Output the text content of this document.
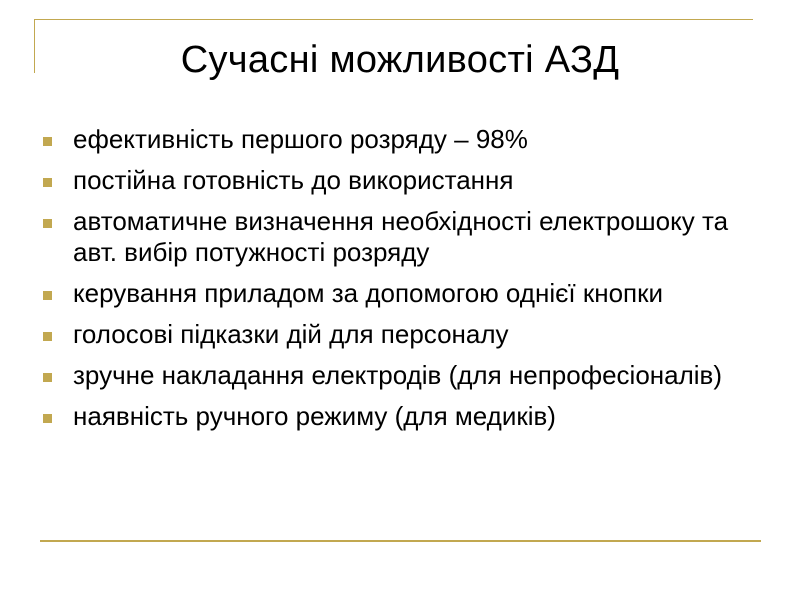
Сучасні можливості АЗД
ефективність першого розряду – 98%
постійна готовність до використання
автоматичне визначення необхідності електрошоку та авт. вибір потужності розряду
керування приладом за допомогою однієї кнопки
голосові підказки дій для персоналу
зручне накладання електродів (для непрофесіоналів)
наявність ручного режиму (для медиків)
